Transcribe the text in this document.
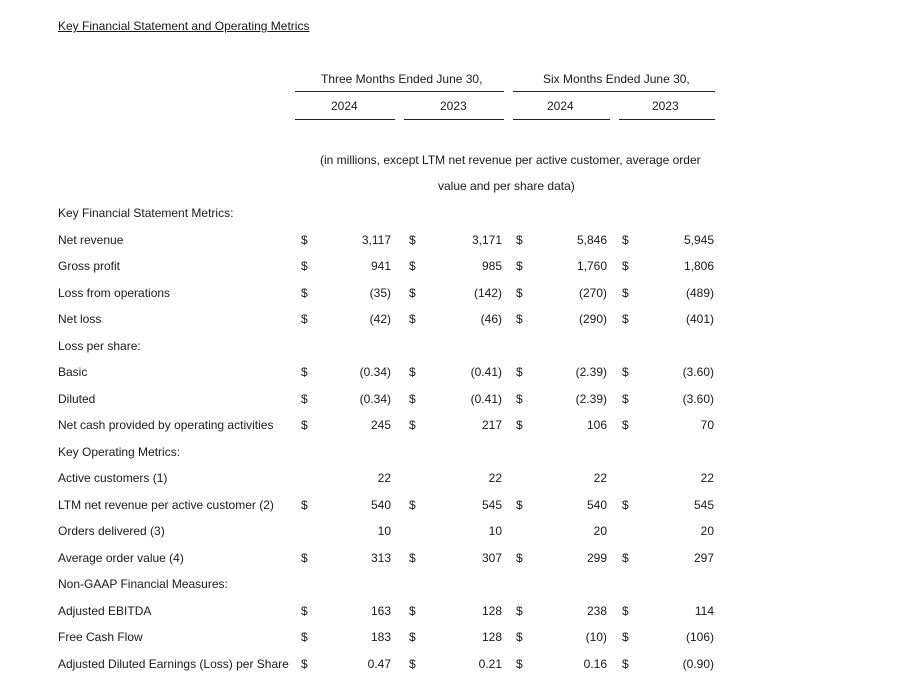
Key Financial Statement and Operating Metrics
Three Months Ended June 30,	Six Months Ended June 30,
2024	2023	2024	2023
(in millions, except LTM net revenue per active customer, average order
value and per share data)
Key Financial Statement Metrics:
Net revenue	$	3,117 $	3,171 $	5,846 $	5,945
Gross profit	$	941 $	985 $	1,760 $	1,806
Loss from operations	$	(35) $	(142) $	(270) $	(489)
Net loss	$	(42) $	(46) $	(290) $	(401)
Loss per share:
Basic	$	(0.34) $	(0.41) $	(2.39) $	(3.60)
Diluted	$	(0.34) $	(0.41) $	(2.39) $	(3.60)
Net cash provided by operating activities $	245 $	217 $	106 $	70
Key Operating Metrics:
Active customers (1)	22	22	22	22
LTM net revenue per active customer (2) $	540 $	545 $	540 $	545
Orders delivered (3)	10	10	20	20
Average order value (4)	$	313 $	307 $	299 $	297
Non-GAAP Financial Measures:
Adjusted EBITDA	$	163 $	128 $	238 $	114
Free Cash Flow	$	183 $	128 $	(10) $	(106)
Adjusted Diluted Earnings (Loss) per Share $	0.47 $	0.21 $	0.16 $	(0.90)
